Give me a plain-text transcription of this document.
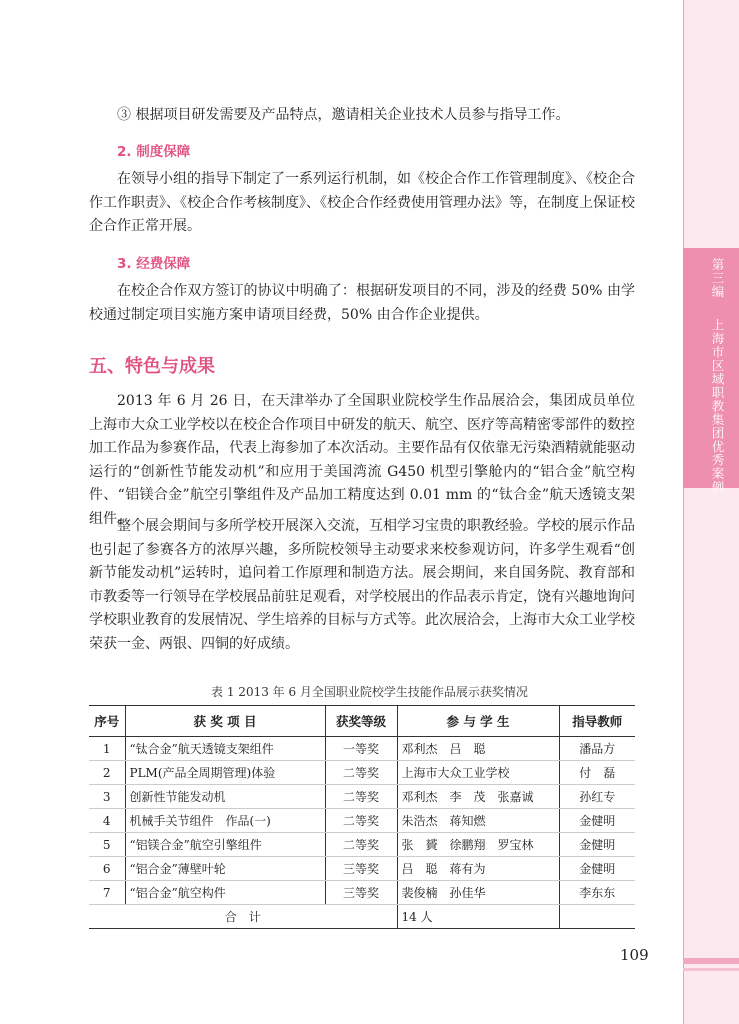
第三编  上海市区域职教集团优秀案例

③ 根据项目研发需要及产品特点，邀请相关企业技术人员参与指导工作。

2. 制度保障

在领导小组的指导下制定了一系列运行机制，如《校企合作工作管理制度》、《校企合作工作职责》、《校企合作考核制度》、《校企合作经费使用管理办法》等，在制度上保证校企合作正常开展。

3. 经费保障

在校企合作双方签订的协议中明确了：根据研发项目的不同，涉及的经费 50% 由学校通过制定项目实施方案申请项目经费，50% 由合作企业提供。

五、特色与成果

2013 年 6 月 26 日，在天津举办了全国职业院校学生作品展洽会，集团成员单位上海市大众工业学校以在校企合作项目中研发的航天、航空、医疗等高精密零部件的数控加工作品为参赛作品，代表上海参加了本次活动。主要作品有仅依靠无污染酒精就能驱动运行的“创新性节能发动机”和应用于美国湾流 G450 机型引擎舱内的“铝合金”航空构件、“铝镁合金”航空引擎组件及产品加工精度达到 0.01 mm 的“钛合金”航天透镜支架组件。

整个展会期间与多所学校开展深入交流，互相学习宝贵的职教经验。学校的展示作品也引起了参赛各方的浓厚兴趣，多所院校领导主动要求来校参观访问，许多学生观看“创新节能发动机”运转时，追问着工作原理和制造方法。展会期间，来自国务院、教育部和市教委等一行领导在学校展品前驻足观看，对学校展出的作品表示肯定，饶有兴趣地询问学校职业教育的发展情况、学生培养的目标与方式等。此次展洽会，上海市大众工业学校荣获一金、两银、四铜的好成绩。

表 1 2013 年 6 月全国职业院校学生技能作品展示获奖情况
序号	获 奖 项 目	获奖等级	参 与 学 生	指导教师
1	“钛合金”航天透镜支架组件	一等奖	邓利杰　吕　聪	潘品方
2	PLM(产品全周期管理)体验	二等奖	上海市大众工业学校	付　磊
3	创新性节能发动机	二等奖	邓利杰　李　茂　张嘉诚	孙红专
4	机械手关节组件　作品(一)	二等奖	朱浩杰　蒋知燃	金健明
5	“铝镁合金”航空引擎组件	二等奖	张　贇　徐鹏翔　罗宝林	金健明
6	“铝合金”薄壁叶轮	三等奖	吕　聪　蒋有为	金健明
7	“铝合金”航空构件	三等奖	裴俊楠　孙佳华	李东东
合　计			14 人	
109
